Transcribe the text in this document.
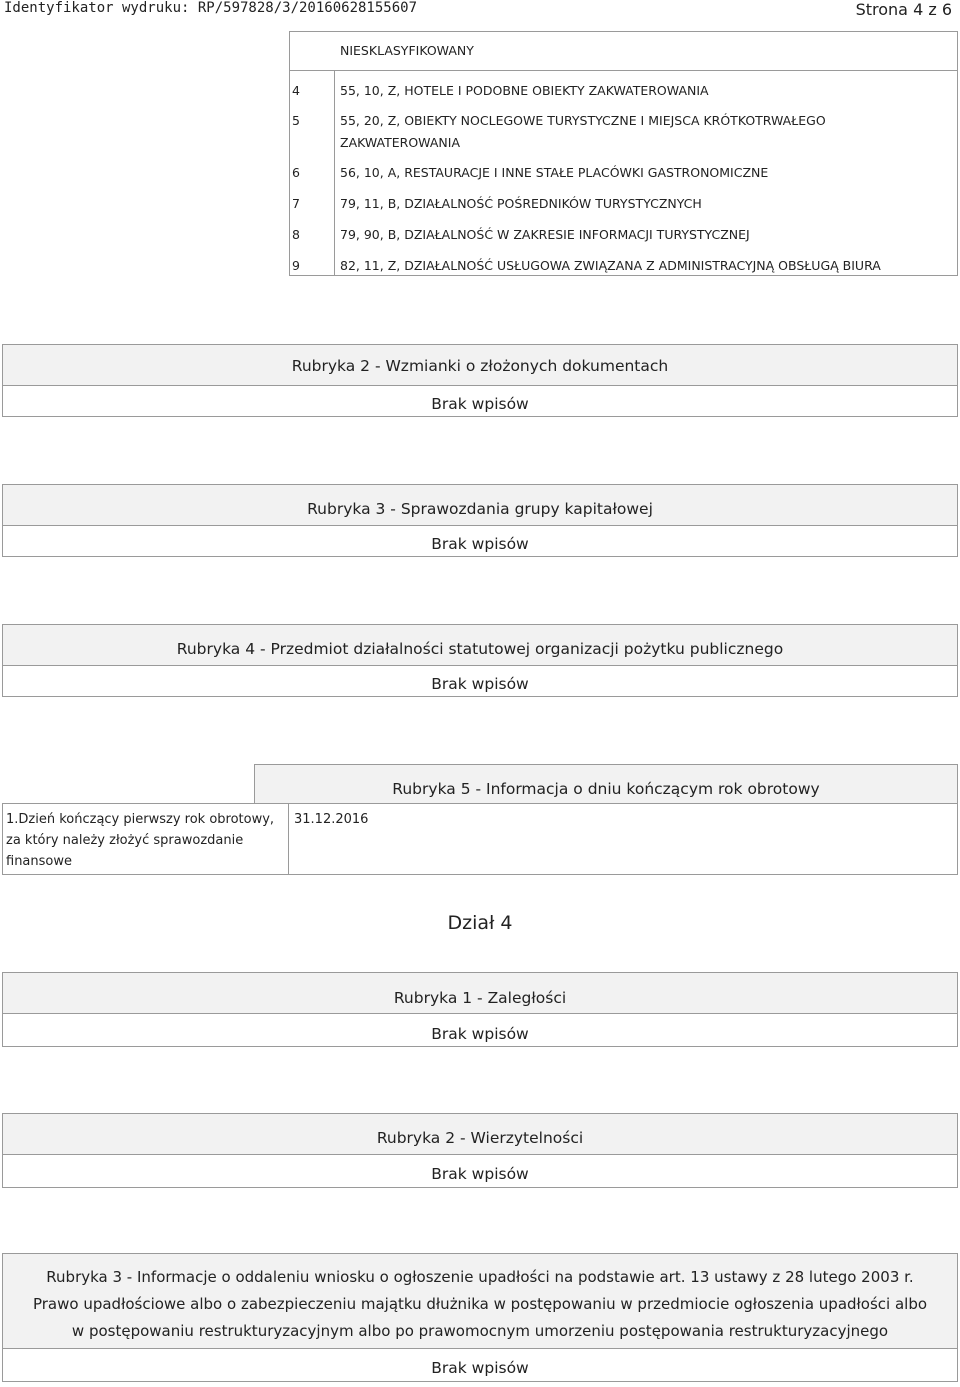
Identyfikator wydruku: RP/597828/3/20160628155607	Strona 4 z 6
NIESKLASYFIKOWANY
4	55, 10, Z, HOTELE I PODOBNE OBIEKTY ZAKWATEROWANIA
5	55, 20, Z, OBIEKTY NOCLEGOWE TURYSTYCZNE I MIEJSCA KRÓTKOTRWAŁEGO
ZAKWATEROWANIA
6	56, 10, A, RESTAURACJE I INNE STAŁE PLACÓWKI GASTRONOMICZNE
7	79, 11, B, DZIAŁALNOŚĆ POŚREDNIKÓW TURYSTYCZNYCH
8	79, 90, B, DZIAŁALNOŚĆ W ZAKRESIE INFORMACJI TURYSTYCZNEJ
9	82, 11, Z, DZIAŁALNOŚĆ USŁUGOWA ZWIĄZANA Z ADMINISTRACYJNĄ OBSŁUGĄ BIURA
Rubryka 2 - Wzmianki o złożonych dokumentach
Brak wpisów
Rubryka 3 - Sprawozdania grupy kapitałowej
Brak wpisów
Rubryka 4 - Przedmiot działalności statutowej organizacji pożytku publicznego
Brak wpisów
Rubryka 5 - Informacja o dniu kończącym rok obrotowy
1.Dzień kończący pierwszy rok obrotowy,
za który należy złożyć sprawozdanie
finansowe
31.12.2016
Dział 4
Rubryka 1 - Zaległości
Brak wpisów
Rubryka 2 - Wierzytelności
Brak wpisów
Rubryka 3 - Informacje o oddaleniu wniosku o ogłoszenie upadłości na podstawie art. 13 ustawy z 28 lutego 2003 r.
Prawo upadłościowe albo o zabezpieczeniu majątku dłużnika w postępowaniu w przedmiocie ogłoszenia upadłości albo
w postępowaniu restrukturyzacyjnym albo po prawomocnym umorzeniu postępowania restrukturyzacyjnego
Brak wpisów
